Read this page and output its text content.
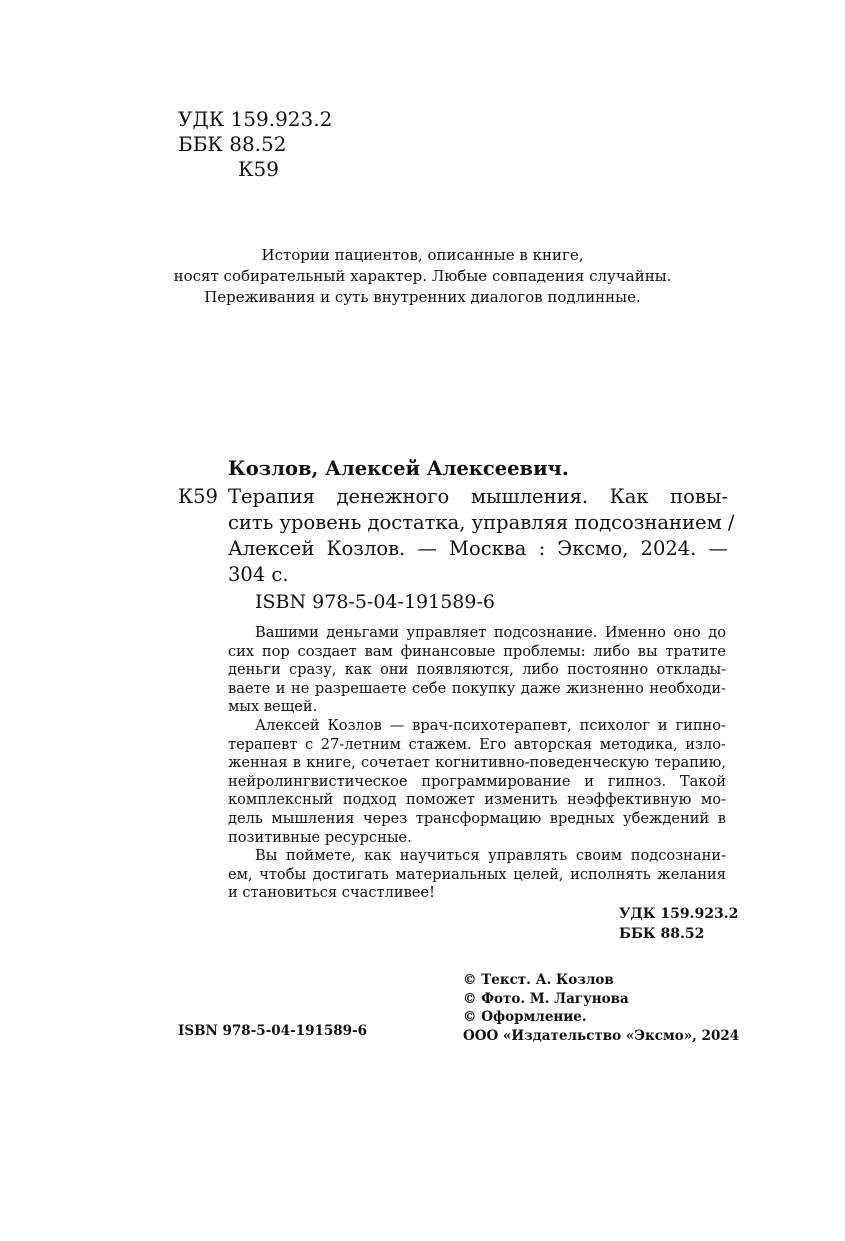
УДК 159.923.2
ББК 88.52
К59
Истории пациентов, описанные в книге,
носят собирательный характер. Любые совпадения случайны.
Переживания и суть внутренних диалогов подлинные.
Козлов, Алексей Алексеевич.
К59 Терапия денежного мышления. Как повы-
сить уровень достатка, управляя подсознанием /
Алексей Козлов. — Москва : Эксмо, 2024. —
304 с.
ISBN 978-5-04-191589-6
Вашими деньгами управляет подсознание. Именно оно до
сих пор создает вам финансовые проблемы: либо вы тратите
деньги сразу, как они появляются, либо постоянно отклады-
ваете и не разрешаете себе покупку даже жизненно необходи-
мых вещей.
Алексей Козлов — врач-психотерапевт, психолог и гипно-
терапевт с 27-летним стажем. Его авторская методика, изло-
женная в книге, сочетает когнитивно-поведенческую терапию,
нейролингвистическое программирование и гипноз. Такой
комплексный подход поможет изменить неэффективную мо-
дель мышления через трансформацию вредных убеждений в
позитивные ресурсные.
Вы поймете, как научиться управлять своим подсознани-
ем, чтобы достигать материальных целей, исполнять желания
и становиться счастливее!
УДК 159.923.2
ББК 88.52
© Текст. А. Козлов
© Фото. М. Лагунова
© Оформление.
ООО «Издательство «Эксмо», 2024
ISBN 978-5-04-191589-6
